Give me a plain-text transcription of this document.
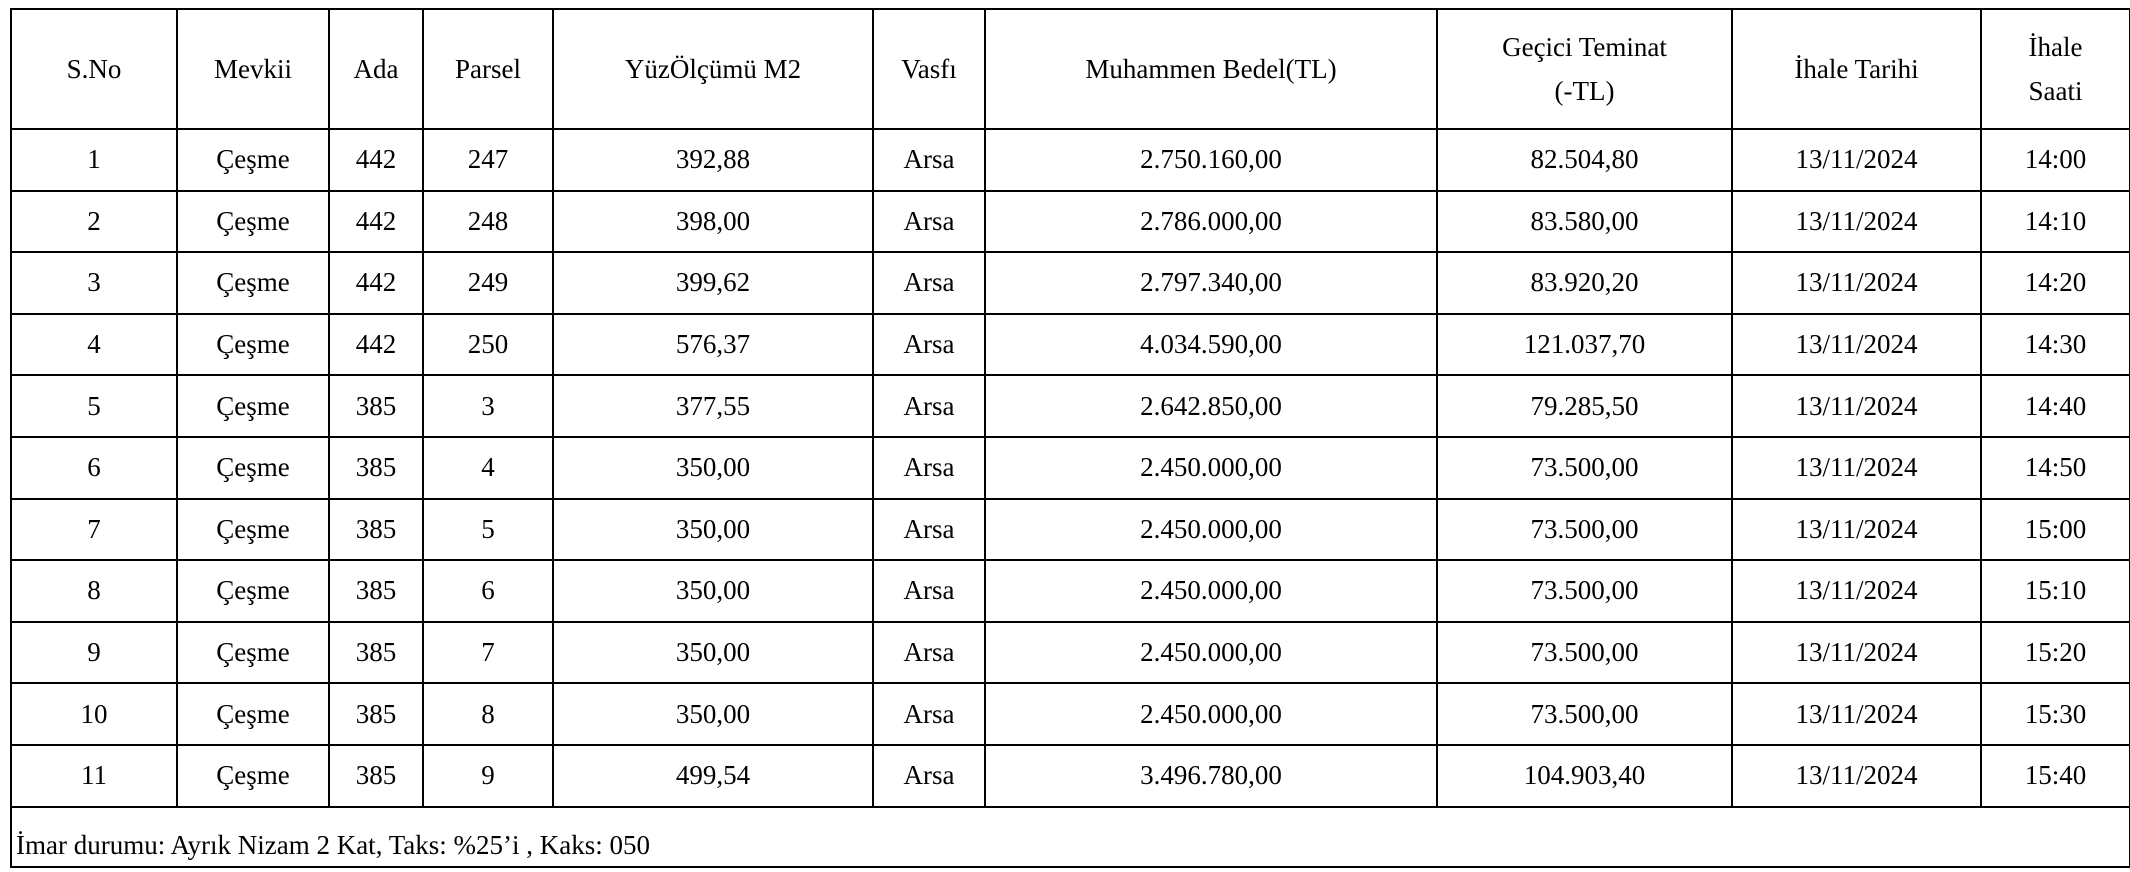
S.No	Mevkii	Ada	Parsel	YüzÖlçümü M2	Vasfı	Muhammen Bedel(TL)	Geçici Teminat
(-TL)	İhale Tarihi	İhale
Saati

1	Çeşme	442	247	392,88	Arsa	2.750.160,00	82.504,80	13/11/2024	14:00
2	Çeşme	442	248	398,00	Arsa	2.786.000,00	83.580,00	13/11/2024	14:10
3	Çeşme	442	249	399,62	Arsa	2.797.340,00	83.920,20	13/11/2024	14:20
4	Çeşme	442	250	576,37	Arsa	4.034.590,00	121.037,70	13/11/2024	14:30
5	Çeşme	385	3	377,55	Arsa	2.642.850,00	79.285,50	13/11/2024	14:40
6	Çeşme	385	4	350,00	Arsa	2.450.000,00	73.500,00	13/11/2024	14:50
7	Çeşme	385	5	350,00	Arsa	2.450.000,00	73.500,00	13/11/2024	15:00
8	Çeşme	385	6	350,00	Arsa	2.450.000,00	73.500,00	13/11/2024	15:10
9	Çeşme	385	7	350,00	Arsa	2.450.000,00	73.500,00	13/11/2024	15:20
10	Çeşme	385	8	350,00	Arsa	2.450.000,00	73.500,00	13/11/2024	15:30
11	Çeşme	385	9	499,54	Arsa	3.496.780,00	104.903,40	13/11/2024	15:40
İmar durumu: Ayrık Nizam 2 Kat, Taks: %25’i , Kaks: 050									
